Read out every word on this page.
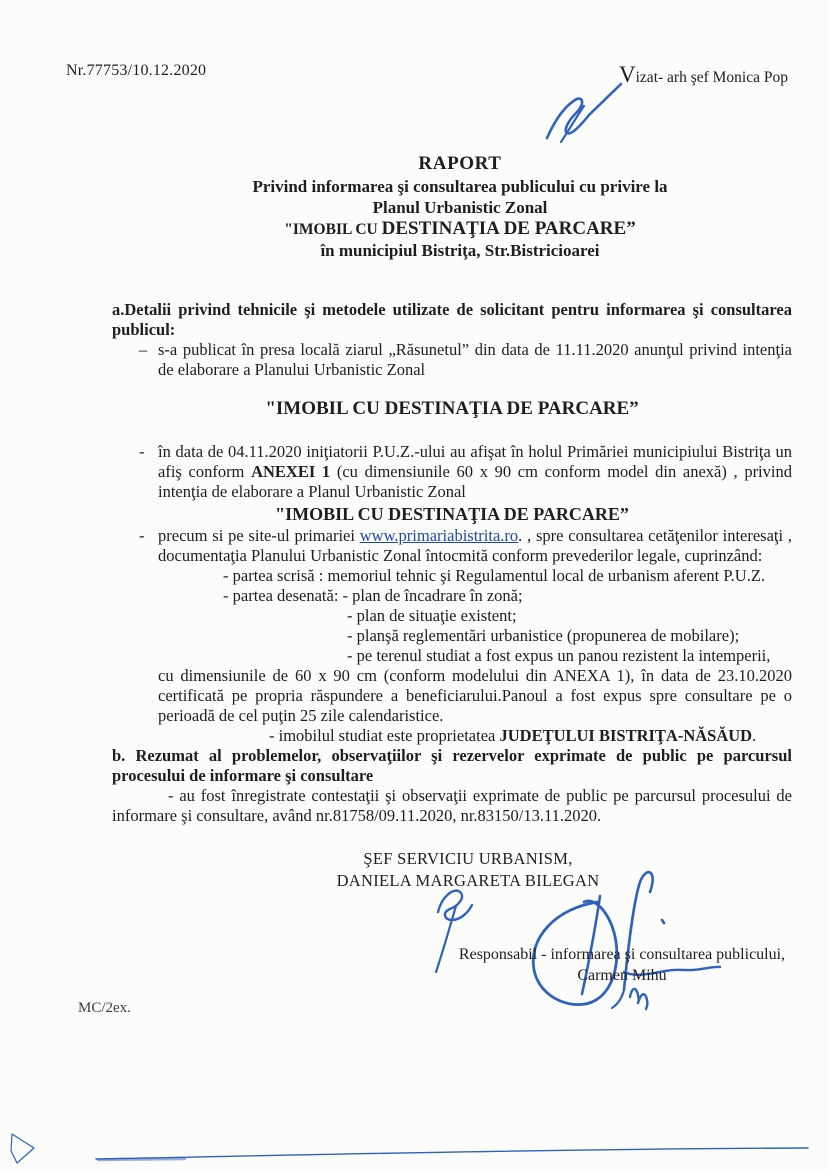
Nr.77753/10.12.2020	Vizat- arh şef Monica Pop
RAPORT
Privind informarea şi consultarea publicului cu privire la
Planul Urbanistic Zonal
"IMOBIL CU DESTINAŢIA DE PARCARE”
în municipiul Bistriţa, Str.Bistricioarei

a.Detalii privind tehnicile şi metodele utilizate de solicitant pentru informarea şi consultarea publicul:

– s-a publicat în presa locală ziarul „Răsunetul” din data de 11.11.2020 anunţul privind intenţia de elaborare a Planului Urbanistic Zonal

"IMOBIL CU DESTINAŢIA DE PARCARE”
- în data de 04.11.2020 iniţiatorii P.U.Z.-ului au afişat în holul Primăriei municipiului Bistriţa un afiş conform ANEXEI 1 (cu dimensiunile 60 x 90 cm conform model din anexă) , privind intenţia de elaborare a Planul Urbanistic Zonal

"IMOBIL CU DESTINAŢIA DE PARCARE”
- precum si pe site-ul primariei www.primariabistrita.ro. , spre consultarea cetăţenilor interesaţi , documentaţia Planului Urbanistic Zonal întocmită conform prevederilor legale, cuprinzând:

- partea scrisă : memoriul tehnic şi Regulamentul local de urbanism aferent P.U.Z.
- partea desenată: - plan de încadrare în zonă;
- plan de situaţie existent;
- planşă reglementări urbanistice (propunerea de mobilare);
- pe terenul studiat a fost expus un panou rezistent la intemperii,

cu dimensiunile de 60 x 90 cm (conform modelului din ANEXA 1), în data de 23.10.2020 certificată pe propria răspundere a beneficiarului.Panoul a fost expus spre consultare pe o perioadă de cel puţin 25 zile calendaristice.

- imobilul studiat este proprietatea JUDEŢULUI BISTRIŢA-NĂSĂUD.

b. Rezumat al problemelor, observaţiilor şi rezervelor exprimate de public pe parcursul procesului de informare şi consultare

- au fost înregistrate contestaţii şi observaţii exprimate de public pe parcursul procesului de informare şi consultare, având nr.81758/09.11.2020, nr.83150/13.11.2020.

ŞEF SERVICIU URBANISM,
DANIELA MARGARETA BILEGAN
Responsabil - informarea şi consultarea publicului,
Carmen Mihu
MC/2ex.
